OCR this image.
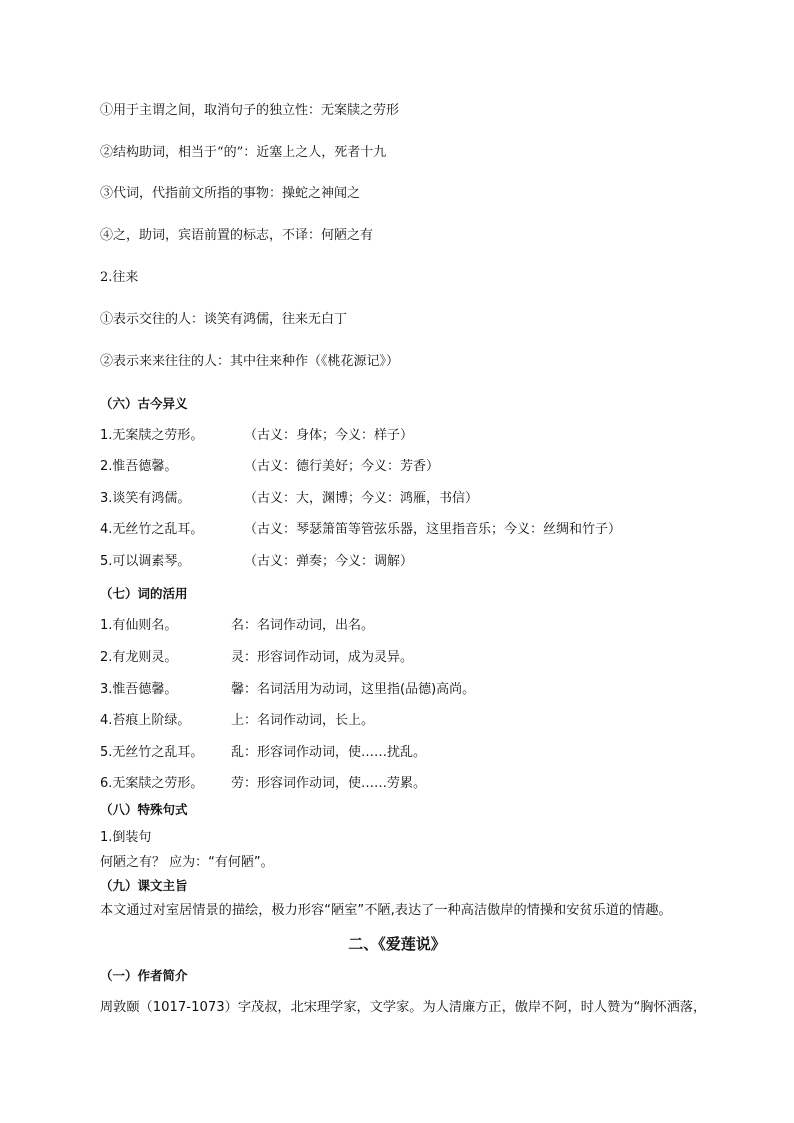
①用于主谓之间，取消句子的独立性：无案牍之劳形
②结构助词，相当于“的”：近塞上之人，死者十九
③代词，代指前文所指的事物：操蛇之神闻之
④之，助词，宾语前置的标志，不译：何陋之有
2.往来
①表示交往的人：谈笑有鸿儒，往来无白丁
②表示来来往往的人：其中往来种作（《桃花源记》）
（六）古今异义
1.无案牍之劳形。	（古义：身体；今义：样子）
2.惟吾德馨。	（古义：德行美好；今义：芳香）
3.谈笑有鸿儒。	（古义：大，渊博；今义：鸿雁，书信）
4.无丝竹之乱耳。	（古义：琴瑟箫笛等管弦乐器，这里指音乐；今义：丝绸和竹子）
5.可以调素琴。	（古义：弹奏；今义：调解）
（七）词的活用
1.有仙则名。	名：名词作动词，出名。
2.有龙则灵。	灵：形容词作动词，成为灵异。
3.惟吾德馨。	馨：名词活用为动词，这里指(品德)高尚。
4.苔痕上阶绿。	上：名词作动词，长上。
5.无丝竹之乱耳。 乱：形容词作动词，使……扰乱。
6.无案牍之劳形。 劳：形容词作动词，使……劳累。
（八）特殊句式
1.倒装句
何陋之有？ 应为：“有何陋”。
（九）课文主旨
本文通过对室居情景的描绘，极力形容“陋室”不陋,表达了一种高洁傲岸的情操和安贫乐道的情趣。
二、《爱莲说》
（一）作者简介
周敦颐（1017-1073）字茂叔，北宋理学家，文学家。为人清廉方正，傲岸不阿，时人赞为“胸怀洒落，
